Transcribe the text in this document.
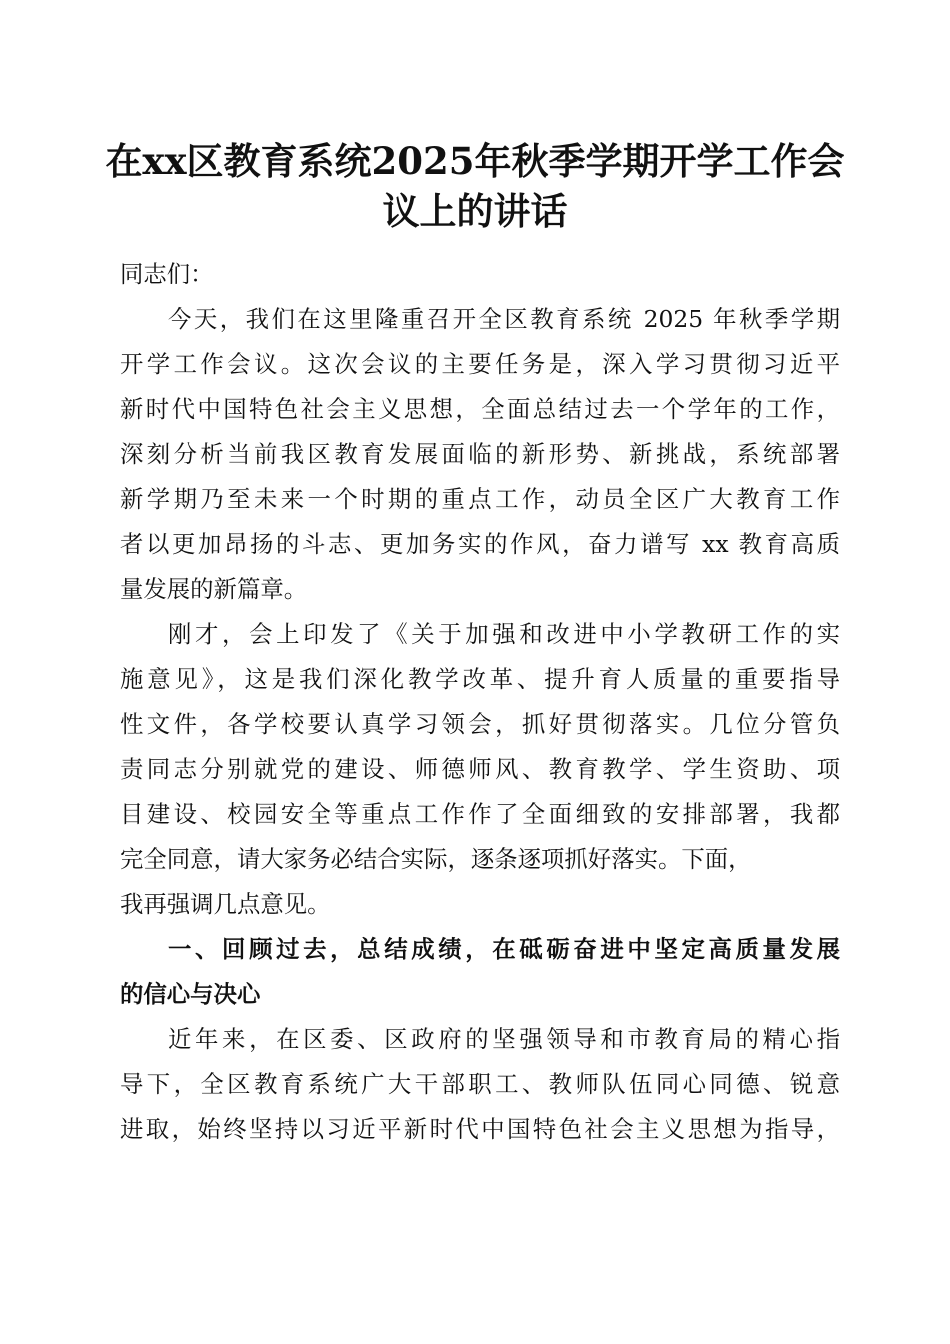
在xx区教育系统2025年秋季学期开学工作会
议上的讲话
同志们：
今天，我们在这里隆重召开全区教育系统 2025 年秋季学期
开学工作会议。这次会议的主要任务是，深入学习贯彻习近平
新时代中国特色社会主义思想，全面总结过去一个学年的工作，
深刻分析当前我区教育发展面临的新形势、新挑战，系统部署
新学期乃至未来一个时期的重点工作，动员全区广大教育工作
者以更加昂扬的斗志、更加务实的作风，奋力谱写 xx 教育高质
量发展的新篇章。
刚才，会上印发了《关于加强和改进中小学教研工作的实
施意见》，这是我们深化教学改革、提升育人质量的重要指导
性文件，各学校要认真学习领会，抓好贯彻落实。几位分管负
责同志分别就党的建设、师德师风、教育教学、学生资助、项
目建设、校园安全等重点工作作了全面细致的安排部署，我都
完全同意，请大家务必结合实际，逐条逐项抓好落实。下面，
我再强调几点意见。
一、回顾过去，总结成绩，在砥砺奋进中坚定高质量发展
的信心与决心
近年来，在区委、区政府的坚强领导和市教育局的精心指
导下，全区教育系统广大干部职工、教师队伍同心同德、锐意
进取，始终坚持以习近平新时代中国特色社会主义思想为指导，
